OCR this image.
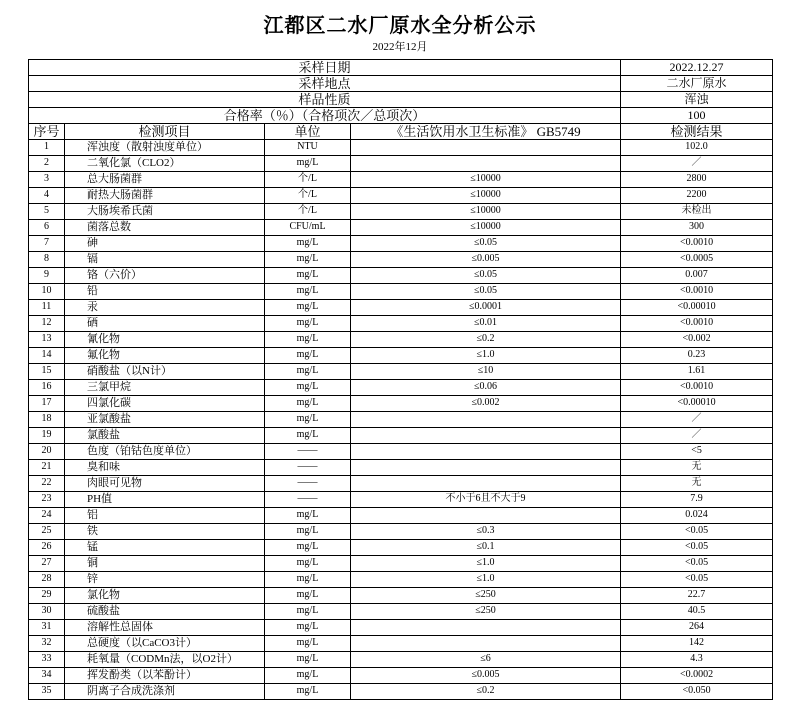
江都区二水厂原水全分析公示
2022年12月
采样日期				2022.12.27
采样地点				二水厂原水
样品性质				浑浊
合格率（％）（合格项次／总项次）				100
序号	检测项目	单位	《生活饮用水卫生标准》 GB5749	检测结果
1	浑浊度（散射浊度单位）	NTU		102.0
2	二氧化氯（CLO2）	mg/L		／
3	总大肠菌群	个/L	≤10000	2800
4	耐热大肠菌群	个/L	≤10000	2200
5	大肠埃希氏菌	个/L	≤10000	未检出
6	菌落总数	CFU/mL	≤10000	300
7	砷	mg/L	≤0.05	<0.0010
8	镉	mg/L	≤0.005	<0.0005
9	铬（六价）	mg/L	≤0.05	0.007
10	铅	mg/L	≤0.05	<0.0010
11	汞	mg/L	≤0.0001	<0.00010
12	硒	mg/L	≤0.01	<0.0010
13	氰化物	mg/L	≤0.2	<0.002
14	氟化物	mg/L	≤1.0	0.23
15	硝酸盐（以N计）	mg/L	≤10	1.61
16	三氯甲烷	mg/L	≤0.06	<0.0010
17	四氯化碳	mg/L	≤0.002	<0.00010
18	亚氯酸盐	mg/L		／
19	氯酸盐	mg/L		／
20	色度（铂钴色度单位）	——		<5
21	臭和味	——		无
22	肉眼可见物	——		无
23	PH值	——	不小于6且不大于9	7.9
24	铝	mg/L		0.024
25	铁	mg/L	≤0.3	<0.05
26	锰	mg/L	≤0.1	<0.05
27	铜	mg/L	≤1.0	<0.05
28	锌	mg/L	≤1.0	<0.05
29	氯化物	mg/L	≤250	22.7
30	硫酸盐	mg/L	≤250	40.5
31	溶解性总固体	mg/L		264
32	总硬度（以CaCO3计）	mg/L		142
33	耗氧量（CODMn法，以O2计）	mg/L	≤6	4.3
34	挥发酚类（以苯酚计）	mg/L	≤0.005	<0.0002
35	阴离子合成洗涤剂	mg/L	≤0.2	<0.050
